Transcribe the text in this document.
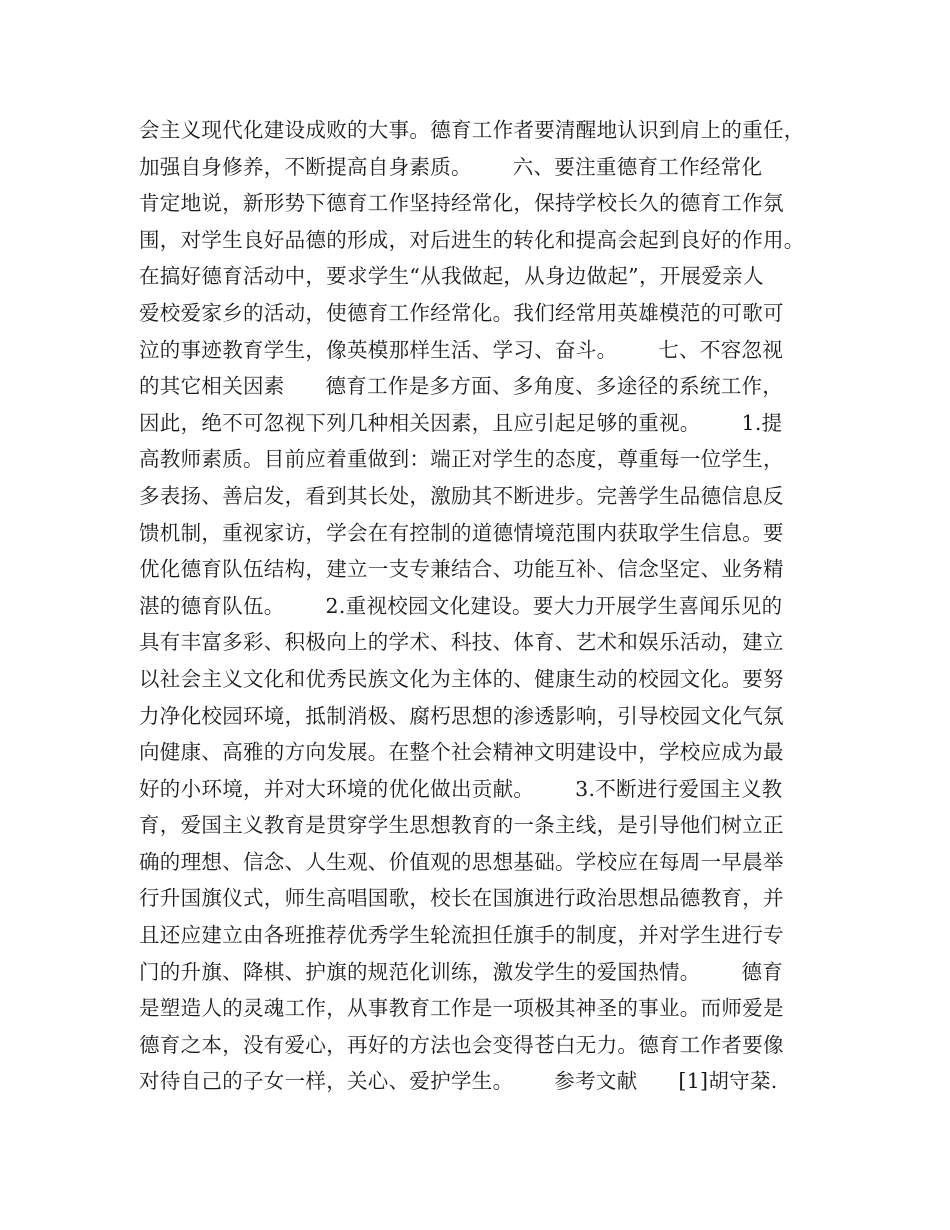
会主义现代化建设成败的大事。德育工作者要清醒地认识到肩上的重任，
加强自身修养，不断提高自身素质。      六、要注重德育工作经常化
肯定地说，新形势下德育工作坚持经常化，保持学校长久的德育工作氛
围，对学生良好品德的形成，对后进生的转化和提高会起到良好的作用。
在搞好德育活动中，要求学生“从我做起，从身边做起”，开展爱亲人
爱校爱家乡的活动，使德育工作经常化。我们经常用英雄模范的可歌可
泣的事迹教育学生，像英模那样生活、学习、奋斗。      七、不容忽视
的其它相关因素      德育工作是多方面、多角度、多途径的系统工作，
因此，绝不可忽视下列几种相关因素，且应引起足够的重视。      1.提
高教师素质。目前应着重做到：端正对学生的态度，尊重每一位学生，
多表扬、善启发，看到其长处，激励其不断进步。完善学生品德信息反
馈机制，重视家访，学会在有控制的道德情境范围内获取学生信息。要
优化德育队伍结构，建立一支专兼结合、功能互补、信念坚定、业务精
湛的德育队伍。      2.重视校园文化建设。要大力开展学生喜闻乐见的
具有丰富多彩、积极向上的学术、科技、体育、艺术和娱乐活动，建立
以社会主义文化和优秀民族文化为主体的、健康生动的校园文化。要努
力净化校园环境，抵制消极、腐朽思想的渗透影响，引导校园文化气氛
向健康、高雅的方向发展。在整个社会精神文明建设中，学校应成为最
好的小环境，并对大环境的优化做出贡献。      3.不断进行爱国主义教
育，爱国主义教育是贯穿学生思想教育的一条主线，是引导他们树立正
确的理想、信念、人生观、价值观的思想基础。学校应在每周一早晨举
行升国旗仪式，师生高唱国歌，校长在国旗进行政治思想品德教育，并
且还应建立由各班推荐优秀学生轮流担任旗手的制度，并对学生进行专
门的升旗、降棋、护旗的规范化训练，激发学生的爱国热情。      德育
是塑造人的灵魂工作，从事教育工作是一项极其神圣的事业。而师爱是
德育之本，没有爱心，再好的方法也会变得苍白无力。德育工作者要像
对待自己的子女一样，关心、爱护学生。      参考文献      [1]胡守棻.
